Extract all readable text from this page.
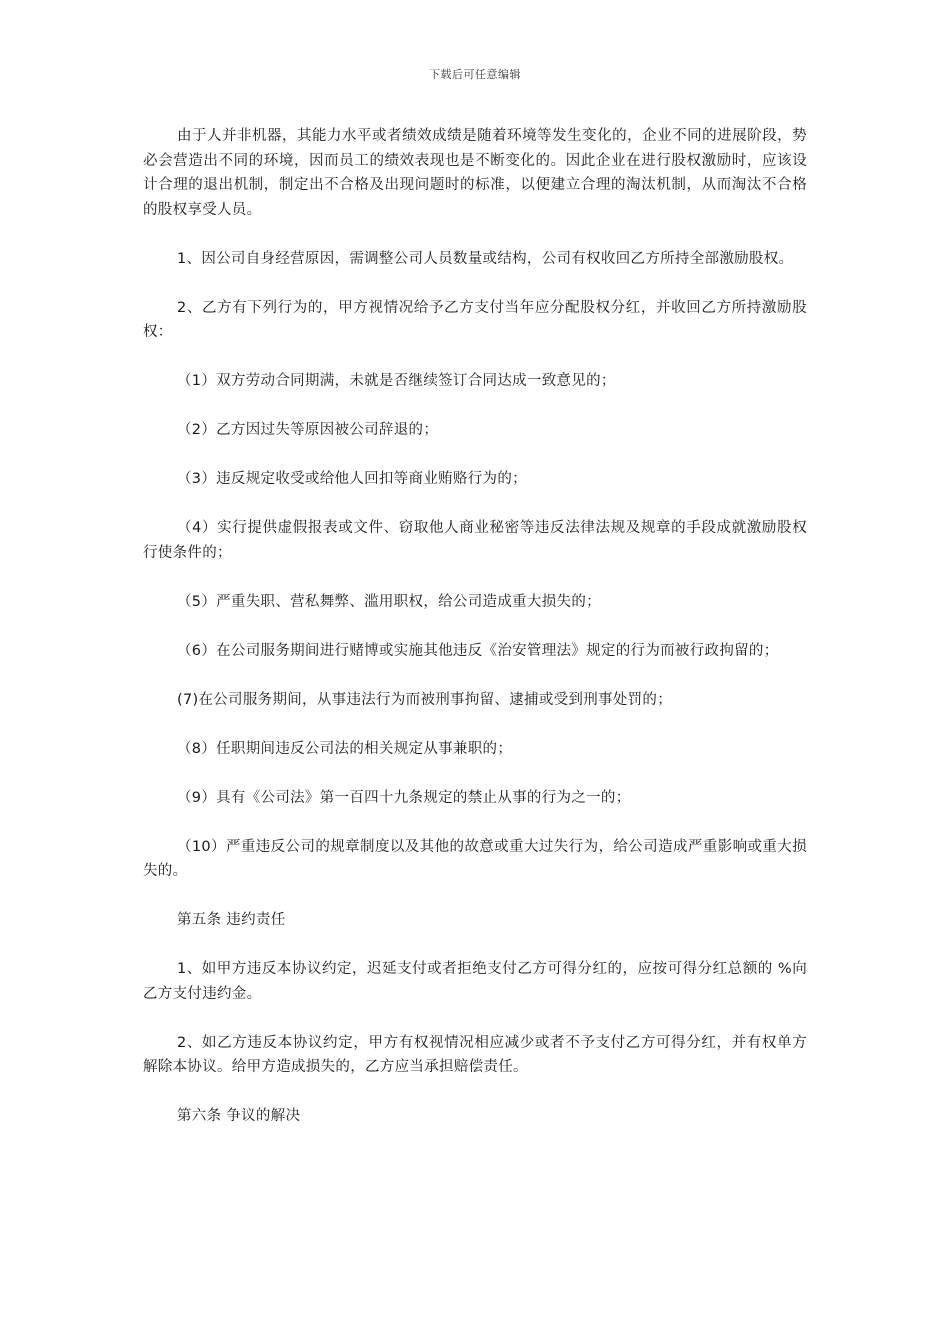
下载后可任意编辑

由于人并非机器，其能力水平或者绩效成绩是随着环境等发生变化的，企业不同的进展阶段，势必会营造出不同的环境，因而员工的绩效表现也是不断变化的。因此企业在进行股权激励时，应该设计合理的退出机制，制定出不合格及出现问题时的标准，以便建立合理的淘汰机制，从而淘汰不合格的股权享受人员。

1、因公司自身经营原因，需调整公司人员数量或结构，公司有权收回乙方所持全部激励股权。

2、乙方有下列行为的，甲方视情况给予乙方支付当年应分配股权分红，并收回乙方所持激励股权：

（1）双方劳动合同期满，未就是否继续签订合同达成一致意见的；

（2）乙方因过失等原因被公司辞退的；

（3）违反规定收受或给他人回扣等商业贿赂行为的；

（4）实行提供虚假报表或文件、窃取他人商业秘密等违反法律法规及规章的手段成就激励股权行使条件的；

（5）严重失职、营私舞弊、滥用职权，给公司造成重大损失的；

（6）在公司服务期间进行赌博或实施其他违反《治安管理法》规定的行为而被行政拘留的；

(7)在公司服务期间，从事违法行为而被刑事拘留、逮捕或受到刑事处罚的；

（8）任职期间违反公司法的相关规定从事兼职的；

（9）具有《公司法》第一百四十九条规定的禁止从事的行为之一的；

（10）严重违反公司的规章制度以及其他的故意或重大过失行为，给公司造成严重影响或重大损失的。

第五条 违约责任

1、如甲方违反本协议约定，迟延支付或者拒绝支付乙方可得分红的，应按可得分红总额的 %向乙方支付违约金。

2、如乙方违反本协议约定，甲方有权视情况相应减少或者不予支付乙方可得分红，并有权单方解除本协议。给甲方造成损失的，乙方应当承担赔偿责任。

第六条 争议的解决
